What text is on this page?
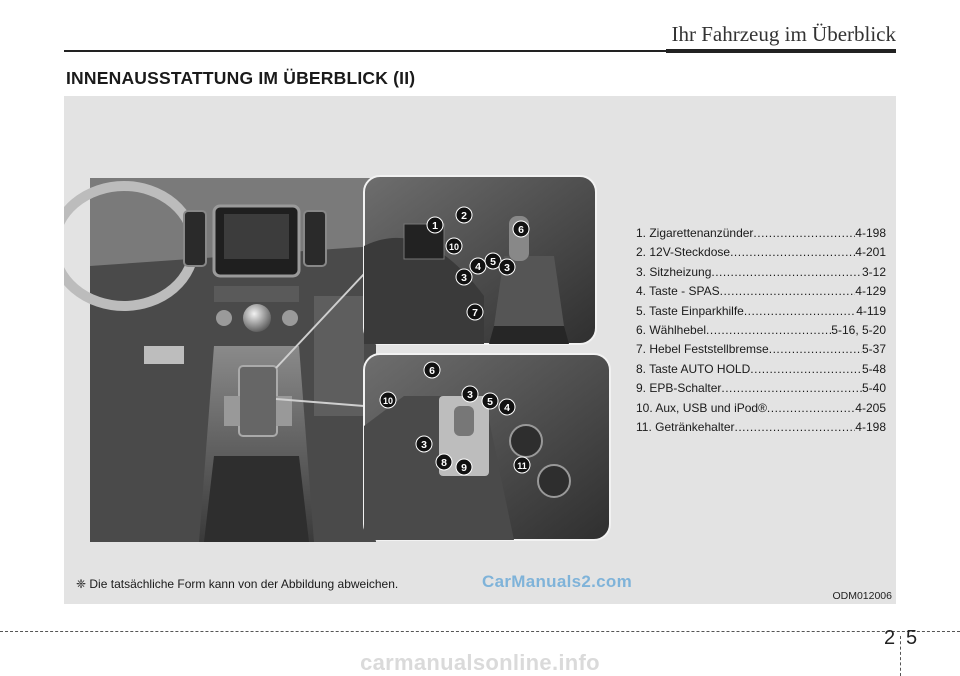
Ihr Fahrzeug im Überblick
INNENAUSSTATTUNG IM ÜBERBLICK (II)
1
2
10
6
5
4 3
3
7
6
10	3
5 4
3
8 9	11
1. Zigarettenanzünder .....	4-198
2. 12V-Steckdose .....	4-201
3. Sitzheizung .....	3-12
4. Taste - SPAS .....	4-129
5. Taste Einparkhilfe .....	4-119
6. Wählhebel .....	5-16, 5-20
7. Hebel Feststellbremse .....	5-37
8. Taste AUTO HOLD .....	5-48
9. EPB-Schalter .....	5-40
10. Aux, USB und iPod® .....	4-205
11. Getränkehalter .....	4-198
❈ Die tatsächliche Form kann von der Abbildung abweichen.	CarManuals2.com
ODM012006
2 5
carmanualsonline.info
